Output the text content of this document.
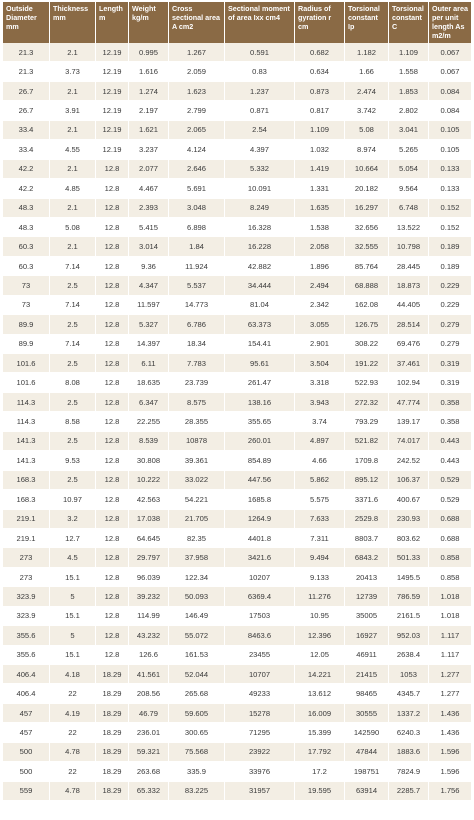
Outside Diameter mm	Thickness mm	Length m	Weight kg/m	Cross sectional area A cm2	Sectional moment of area Ixx cm4	Radius of gyration r cm	Torsional constant Ip	Torsional constant C	Outer area per unit length As m2/m
21.3	2.1	12.19	0.995	1.267	0.591	0.682	1.182	1.109	0.067
21.3	3.73	12.19	1.616	2.059	0.83	0.634	1.66	1.558	0.067
26.7	2.1	12.19	1.274	1.623	1.237	0.873	2.474	1.853	0.084
26.7	3.91	12.19	2.197	2.799	0.871	0.817	3.742	2.802	0.084
33.4	2.1	12.19	1.621	2.065	2.54	1.109	5.08	3.041	0.105
33.4	4.55	12.19	3.237	4.124	4.397	1.032	8.974	5.265	0.105
42.2	2.1	12.8	2.077	2.646	5.332	1.419	10.664	5.054	0.133
42.2	4.85	12.8	4.467	5.691	10.091	1.331	20.182	9.564	0.133
48.3	2.1	12.8	2.393	3.048	8.249	1.635	16.297	6.748	0.152
48.3	5.08	12.8	5.415	6.898	16.328	1.538	32.656	13.522	0.152
60.3	2.1	12.8	3.014	1.84	16.228	2.058	32.555	10.798	0.189
60.3	7.14	12.8	9.36	11.924	42.882	1.896	85.764	28.445	0.189
73	2.5	12.8	4.347	5.537	34.444	2.494	68.888	18.873	0.229
73	7.14	12.8	11.597	14.773	81.04	2.342	162.08	44.405	0.229
89.9	2.5	12.8	5.327	6.786	63.373	3.055	126.75	28.514	0.279
89.9	7.14	12.8	14.397	18.34	154.41	2.901	308.22	69.476	0.279
101.6	2.5	12.8	6.11	7.783	95.61	3.504	191.22	37.461	0.319
101.6	8.08	12.8	18.635	23.739	261.47	3.318	522.93	102.94	0.319
114.3	2.5	12.8	6.347	8.575	138.16	3.943	272.32	47.774	0.358
114.3	8.58	12.8	22.255	28.355	355.65	3.74	793.29	139.17	0.358
141.3	2.5	12.8	8.539	10878	260.01	4.897	521.82	74.017	0.443
141.3	9.53	12.8	30.808	39.361	854.89	4.66	1709.8	242.52	0.443
168.3	2.5	12.8	10.222	33.022	447.56	5.862	895.12	106.37	0.529
168.3	10.97	12.8	42.563	54.221	1685.8	5.575	3371.6	400.67	0.529
219.1	3.2	12.8	17.038	21.705	1264.9	7.633	2529.8	230.93	0.688
219.1	12.7	12.8	64.645	82.35	4401.8	7.311	8803.7	803.62	0.688
273	4.5	12.8	29.797	37.958	3421.6	9.494	6843.2	501.33	0.858
273	15.1	12.8	96.039	122.34	10207	9.133	20413	1495.5	0.858
323.9	5	12.8	39.232	50.093	6369.4	11.276	12739	786.59	1.018
323.9	15.1	12.8	114.99	146.49	17503	10.95	35005	2161.5	1.018
355.6	5	12.8	43.232	55.072	8463.6	12.396	16927	952.03	1.117
355.6	15.1	12.8	126.6	161.53	23455	12.05	46911	2638.4	1.117
406.4	4.18	18.29	41.561	52.044	10707	14.221	21415	1053	1.277
406.4	22	18.29	208.56	265.68	49233	13.612	98465	4345.7	1.277
457	4.19	18.29	46.79	59.605	15278	16.009	30555	1337.2	1.436
457	22	18.29	236.01	300.65	71295	15.399	142590	6240.3	1.436
500	4.78	18.29	59.321	75.568	23922	17.792	47844	1883.6	1.596
500	22	18.29	263.68	335.9	33976	17.2	198751	7824.9	1.596
559	4.78	18.29	65.332	83.225	31957	19.595	63914	2285.7	1.756
